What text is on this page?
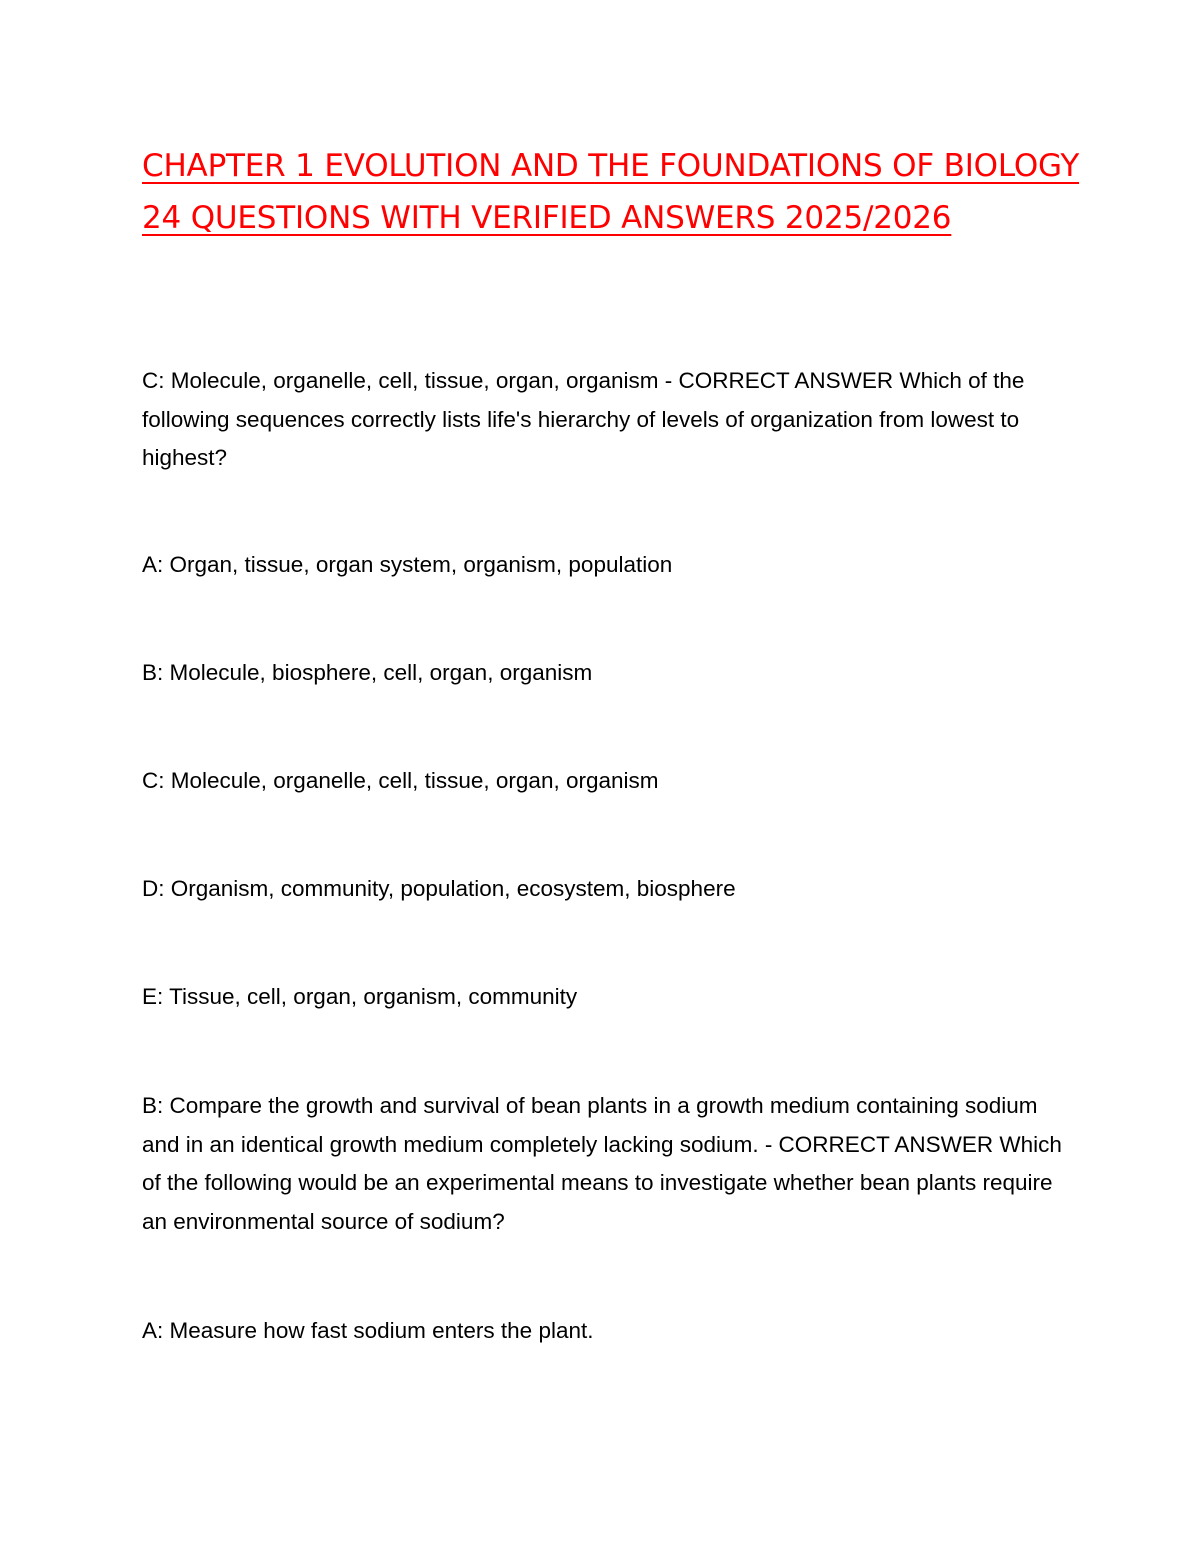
CHAPTER 1 EVOLUTION AND THE FOUNDATIONS OF BIOLOGY 24 QUESTIONS WITH VERIFIED ANSWERS 2025/2026

C: Molecule, organelle, cell, tissue, organ, organism - CORRECT ANSWER Which of the following sequences correctly lists life's hierarchy of levels of organization from lowest to highest?

A: Organ, tissue, organ system, organism, population

B: Molecule, biosphere, cell, organ, organism

C: Molecule, organelle, cell, tissue, organ, organism

D: Organism, community, population, ecosystem, biosphere

E: Tissue, cell, organ, organism, community

B: Compare the growth and survival of bean plants in a growth medium containing sodium and in an identical growth medium completely lacking sodium. - CORRECT ANSWER Which of the following would be an experimental means to investigate whether bean plants require an environmental source of sodium?

A: Measure how fast sodium enters the plant.
